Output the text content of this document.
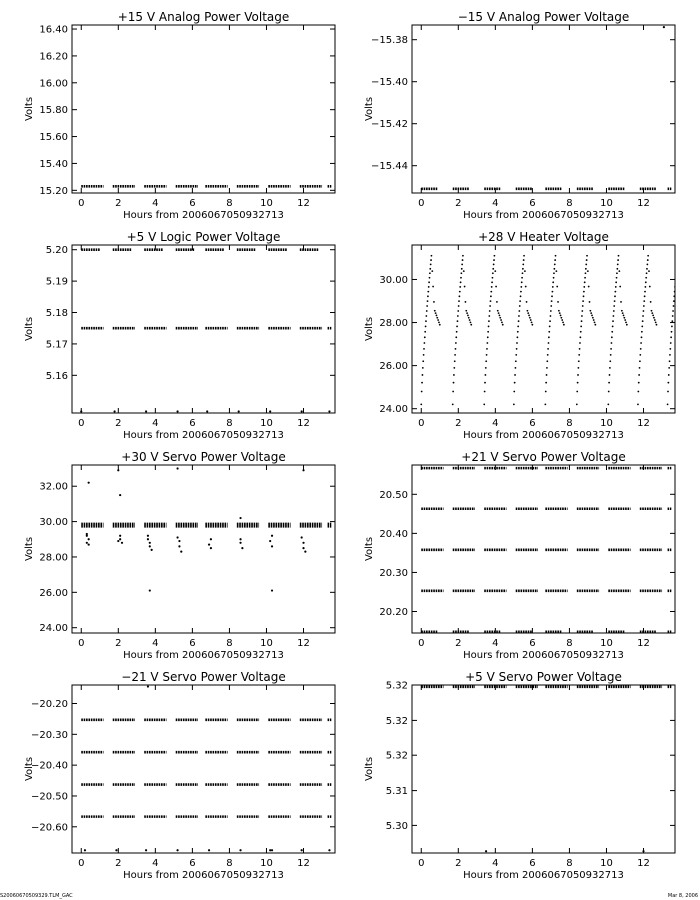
+15 V Analog Power Voltage
Hours from 2006067050932713
Volts
0	2	4	6	8	10 12
15.20
15.40
15.60
15.80
16.00
16.20
16.40
−15 V Analog Power Voltage
Hours from 2006067050932713
Volts
0	2	4	6	8	10 12
−15.44
−15.42
−15.40
−15.38
+5 V Logic Power Voltage
Hours from 2006067050932713
Volts
0	2	4	6	8	10 12
5.16
5.17
5.18
5.19
5.20
+28 V Heater Voltage
Hours from 2006067050932713
Volts
0	2	4	6	8	10 12
24.00
26.00
28.00
30.00
+30 V Servo Power Voltage
Hours from 2006067050932713
Volts
0	2	4	6	8	10 12
24.00
26.00
28.00
30.00
32.00
+21 V Servo Power Voltage
Hours from 2006067050932713
Volts
0	2	4	6	8	10 12
20.20
20.30
20.40
20.50
−21 V Servo Power Voltage
Hours from 2006067050932713
Volts
0	2	4	6	8	10 12
−20.60
−20.50
−20.40
−20.30
−20.20
+5 V Servo Power Voltage
Hours from 2006067050932713
Volts
0	2	4	6	8	10 12
5.30
5.31
5.32
5.32
5.32
S20060670509329.TLM_GAC	Mar 8, 2006
